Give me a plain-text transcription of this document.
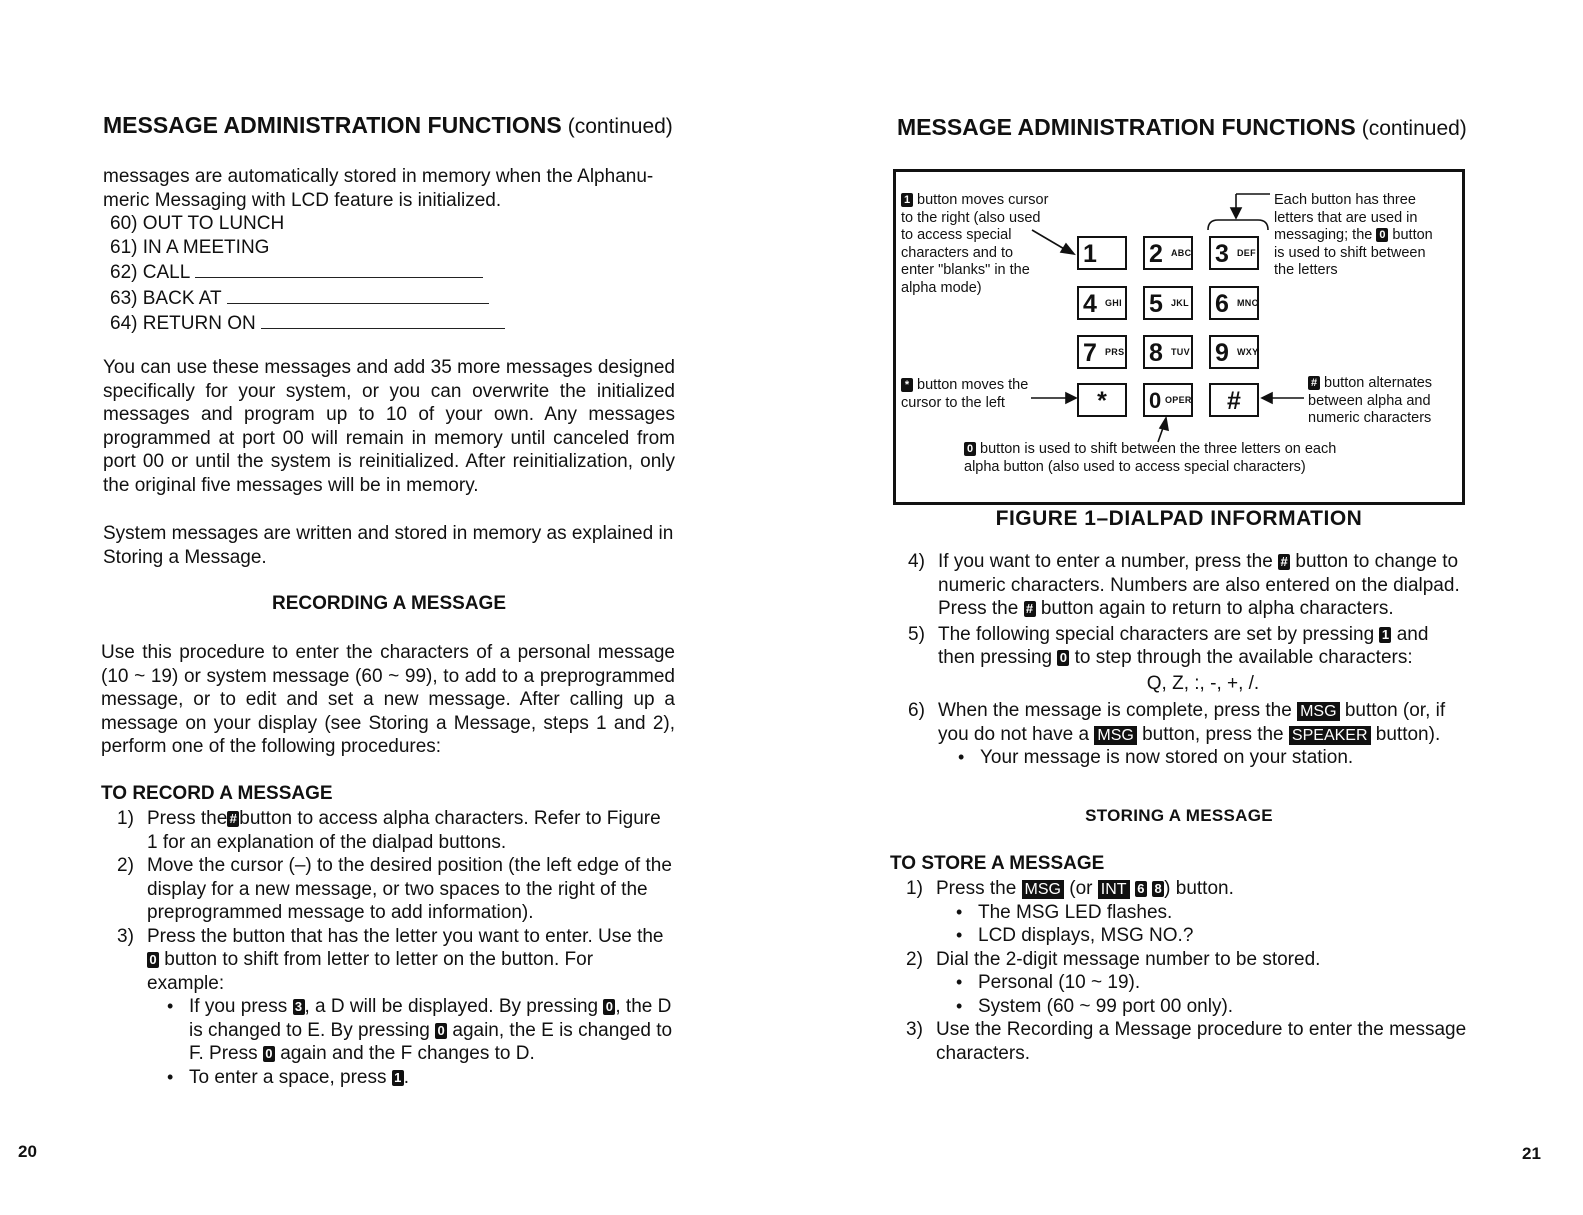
MESSAGE ADMINISTRATION FUNCTIONS (continued)
messages are automatically stored in memory when the Alphanu-
meric Messaging with LCD feature is initialized.
60) OUT TO LUNCH
61) IN A MEETING
62) CALL
63) BACK AT
64) RETURN ON
You can use these messages and add 35 more messages designed specifically for your system, or you can overwrite the initialized messages and program up to 10 of your own. Any messages programmed at port 00 will remain in memory until canceled from port 00 or until the system is reinitialized. After reinitialization, only the original five messages will be in memory.
System messages are written and stored in memory as explained in Storing a Message.
RECORDING A MESSAGE
Use this procedure to enter the characters of a personal message (10 ~ 19) or system message (60 ~ 99), to add to a preprogrammed message, or to edit and set a new message. After calling up a message on your display (see Storing a Message, steps 1 and 2), perform one of the following procedures:
TO RECORD A MESSAGE
1) Press the # button to access alpha characters. Refer to Figure 1 for an explanation of the dialpad buttons.
2) Move the cursor (–) to the desired position (the left edge of the display for a new message, or two spaces to the right of the preprogrammed message to add information).
3) Press the button that has the letter you want to enter. Use the 0 button to shift from letter to letter on the button. For example:
• If you press 3 , a D will be displayed. By pressing 0 , the D is changed to E. By pressing 0 again, the E is changed to F. Press 0 again and the F changes to D.
• To enter a space, press 1 .
20
MESSAGE ADMINISTRATION FUNCTIONS (continued)
1 button moves cursor
to the right (also used
to access special
characters and to
enter "blanks" in the
alpha mode)
Each button has three
letters that are used in
messaging; the 0 button
is used to shift between
the letters
* button moves the
cursor to the left
# button alternates
between alpha and
numeric characters
0 button is used to shift between the three letters on each
alpha button (also used to access special characters)
1 2 ABC 3 DEF
4 GHI 5 JKL 6 MNO
7 PRS 8 TUV 9 WXY
*	0 OPER	#
FIGURE 1–DIALPAD INFORMATION
4) If you want to enter a number, press the # button to change to numeric characters. Numbers are also entered on the dialpad. Press the # button again to return to alpha characters.
5) The following special characters are set by pressing 1 and then pressing 0 to step through the available characters:
Q, Z, :, -, +, /.
6) When the message is complete, press the MSG button (or, if you do not have a MSG button, press the SPEAKER button).
• Your message is now stored on your station.
STORING A MESSAGE
TO STORE A MESSAGE
1) Press the MSG (or INT 6 8 ) button.
• The MSG LED flashes.
• LCD displays, MSG NO.?
2) Dial the 2-digit message number to be stored.
• Personal (10 ~ 19).
• System (60 ~ 99 port 00 only).
3) Use the Recording a Message procedure to enter the message characters.
21
